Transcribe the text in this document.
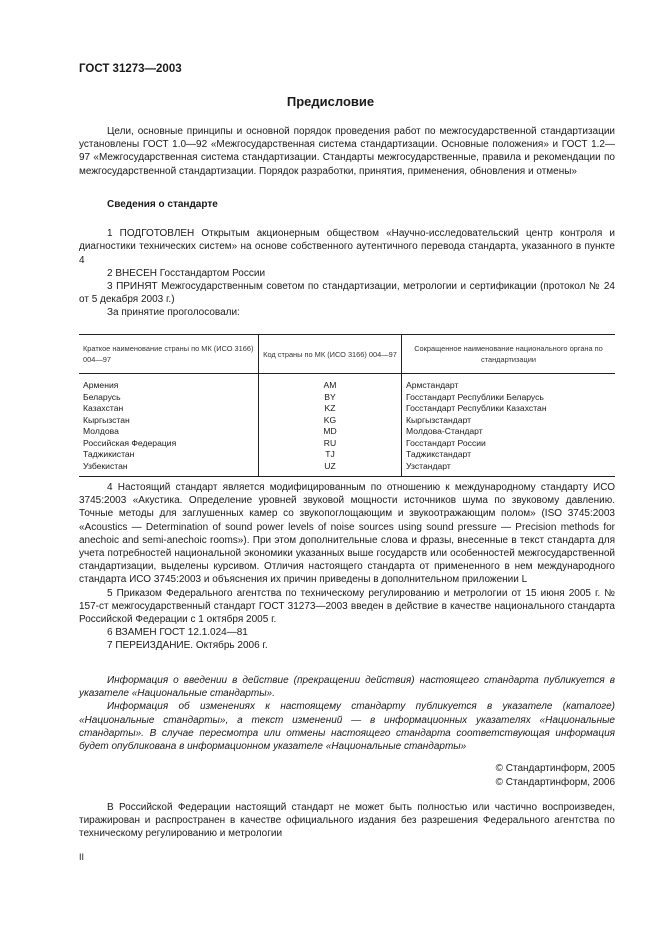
ГОСТ 31273—2003
Предисловие

Цели, основные принципы и основной порядок проведения работ по межгосударственной стандартизации установлены ГОСТ 1.0—92 «Межгосударственная система стандартизации. Основные положения» и ГОСТ 1.2—97 «Межгосударственная система стандартизации. Стандарты межгосударственные, правила и рекомендации по межгосударственной стандартизации. Порядок разработки, принятия, применения, обновления и отмены»

Сведения о стандарте

1 ПОДГОТОВЛЕН Открытым акционерным обществом «Научно-исследовательский центр контроля и диагностики технических систем» на основе собственного аутентичного перевода стандарта, указанного в пункте 4

2 ВНЕСЕН Госстандартом России

3 ПРИНЯТ Межгосударственным советом по стандартизации, метрологии и сертификации (протокол № 24 от 5 декабря 2003 г.)

За принятие проголосовали:

Краткое наименование страны по МК (ИСО 3166) 004—97	Код страны по МК (ИСО 3166) 004—97	Сокращенное наименование национального органа по стандартизации
Армения	AM	Армстандарт
Беларусь	BY	Госстандарт Республики Беларусь
Казахстан	KZ	Госстандарт Республики Казахстан
Кыргызстан	KG	Кыргызстандарт
Молдова	MD	Молдова-Стандарт
Российская Федерация	RU	Госстандарт России
Таджикистан	TJ	Таджикстандарт
Узбекистан	UZ	Узстандарт

4 Настоящий стандарт является модифицированным по отношению к международному стандарту ИСО 3745:2003 «Акустика. Определение уровней звуковой мощности источников шума по звуковому давлению. Точные методы для заглушенных камер со звукопоглощающим и звукоотражающим полом» (ISO 3745:2003 «Acoustics — Determination of sound power levels of noise sources using sound pressure — Precision methods for anechoic and semi-anechoic rooms»). При этом дополнительные слова и фразы, внесенные в текст стандарта для учета потребностей национальной экономики указанных выше государств или особенностей межгосударственной стандартизации, выделены курсивом. Отличия настоящего стандарта от примененного в нем международного стандарта ИСО 3745:2003 и объяснения их причин приведены в дополнительном приложении L

5 Приказом Федерального агентства по техническому регулированию и метрологии от 15 июня 2005 г. № 157-ст межгосударственный стандарт ГОСТ 31273—2003 введен в действие в качестве национального стандарта Российской Федерации с 1 октября 2005 г.

6 ВЗАМЕН ГОСТ 12.1.024—81

7 ПЕРЕИЗДАНИЕ. Октябрь 2006 г.

Информация о введении в действие (прекращении действия) настоящего стандарта публикуется в указателе «Национальные стандарты».

Информация об изменениях к настоящему стандарту публикуется в указателе (каталоге) «Национальные стандарты», а текст изменений — в информационных указателях «Национальные стандарты». В случае пересмотра или отмены настоящего стандарта соответствующая информация будет опубликована в информационном указателе «Национальные стандарты»

© Стандартинформ, 2005
© Стандартинформ, 2006

В Российской Федерации настоящий стандарт не может быть полностью или частично воспроизведен, тиражирован и распространен в качестве официального издания без разрешения Федерального агентства по техническому регулированию и метрологии

II
